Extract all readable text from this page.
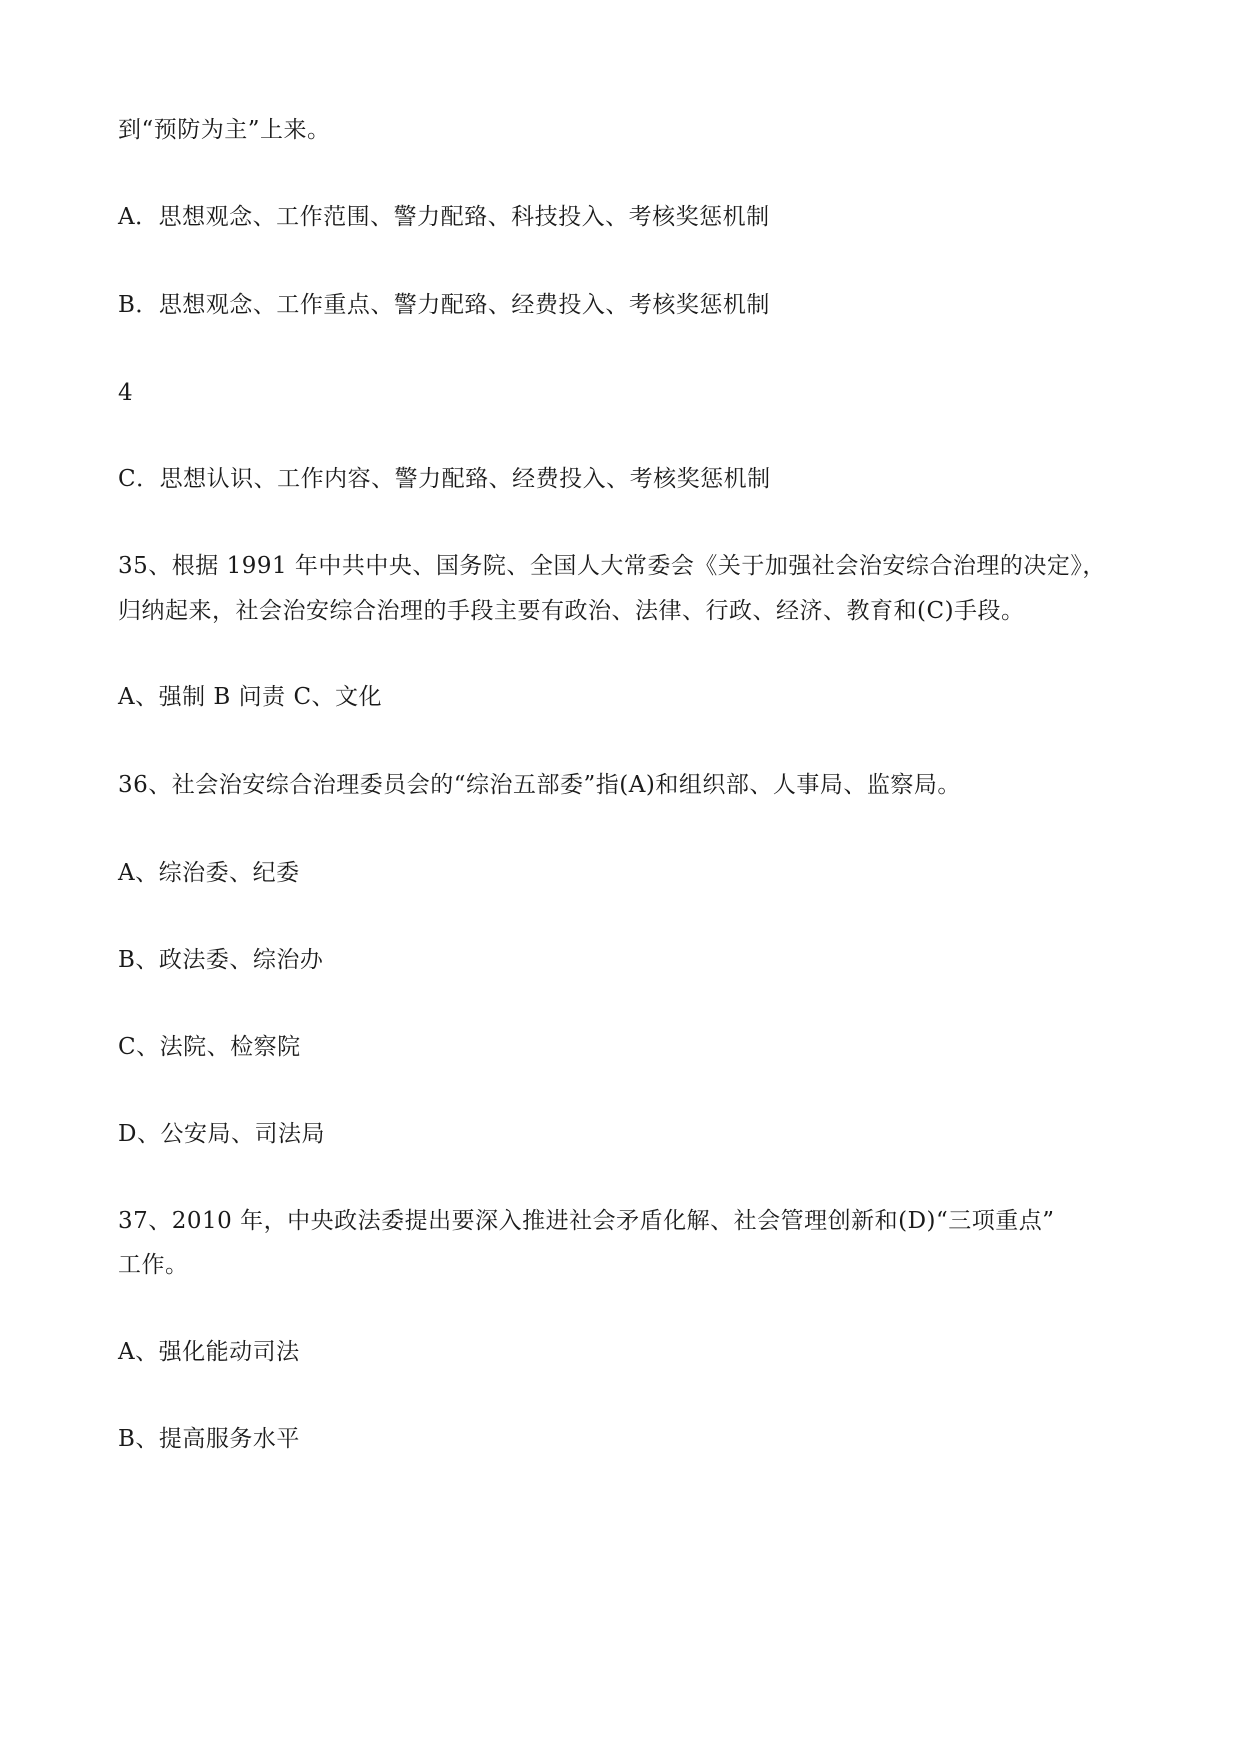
到“预防为主”上来。
A．思想观念、工作范围、警力配臵、科技投入、考核奖惩机制
B．思想观念、工作重点、警力配臵、经费投入、考核奖惩机制
4
C．思想认识、工作内容、警力配臵、经费投入、考核奖惩机制
35、根据 1991 年中共中央、国务院、全国人大常委会《关于加强社会治安综合治理的决定》，
归纳起来，社会治安综合治理的手段主要有政治、法律、行政、经济、教育和(C)手段。
A、强制 B 问责 C、文化
36、社会治安综合治理委员会的“综治五部委”指(A)和组织部、人事局、监察局。
A、综治委、纪委
B、政法委、综治办
C、法院、检察院
D、公安局、司法局
37、2010 年，中央政法委提出要深入推进社会矛盾化解、社会管理创新和(D)“三项重点”
工作。
A、强化能动司法
B、提高服务水平
